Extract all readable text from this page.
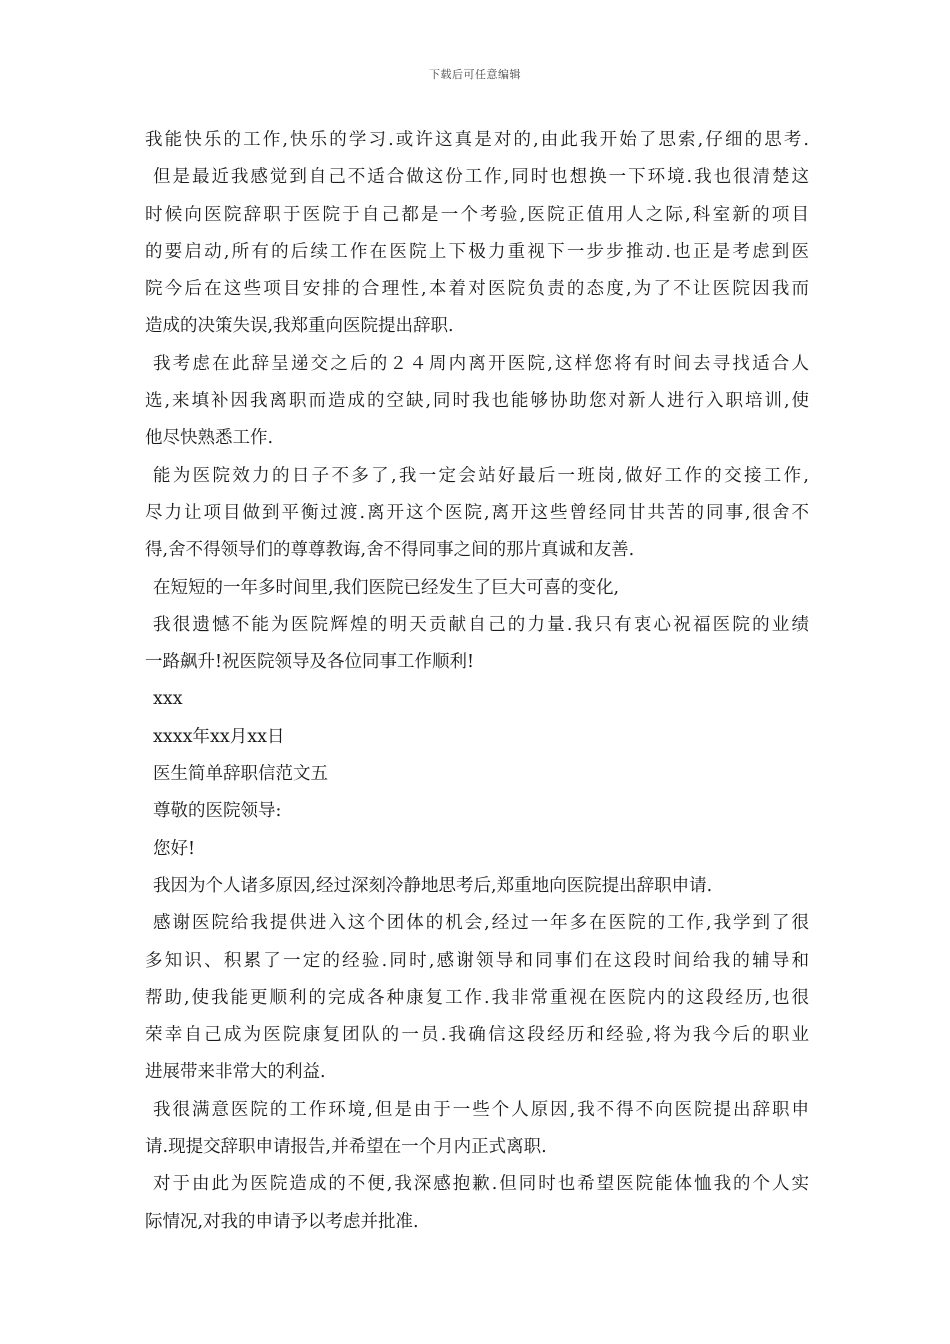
下载后可任意编辑
我能快乐的工作,快乐的学习.或许这真是对的,由此我开始了思索,仔细的思考.
但是最近我感觉到自己不适合做这份工作,同时也想换一下环境.我也很清楚这
时候向医院辞职于医院于自己都是一个考验,医院正值用人之际,科室新的项目
的要启动,所有的后续工作在医院上下极力重视下一步步推动.也正是考虑到医
院今后在这些项目安排的合理性,本着对医院负责的态度,为了不让医院因我而
造成的决策失误,我郑重向医院提出辞职.
我考虑在此辞呈递交之后的２４周内离开医院,这样您将有时间去寻找适合人
选,来填补因我离职而造成的空缺,同时我也能够协助您对新人进行入职培训,使
他尽快熟悉工作.
能为医院效力的日子不多了,我一定会站好最后一班岗,做好工作的交接工作,
尽力让项目做到平衡过渡.离开这个医院,离开这些曾经同甘共苦的同事,很舍不
得,舍不得领导们的尊尊教诲,舍不得同事之间的那片真诚和友善.
在短短的一年多时间里,我们医院已经发生了巨大可喜的变化,
我很遗憾不能为医院辉煌的明天贡献自己的力量.我只有衷心祝福医院的业绩
一路飙升!祝医院领导及各位同事工作顺利!
xxx
xxxx年xx月xx日
医生简单辞职信范文五
尊敬的医院领导:
您好!
我因为个人诸多原因,经过深刻冷静地思考后,郑重地向医院提出辞职申请.
感谢医院给我提供进入这个团体的机会,经过一年多在医院的工作,我学到了很
多知识、积累了一定的经验.同时,感谢领导和同事们在这段时间给我的辅导和
帮助,使我能更顺利的完成各种康复工作.我非常重视在医院内的这段经历,也很
荣幸自己成为医院康复团队的一员.我确信这段经历和经验,将为我今后的职业
进展带来非常大的利益.
我很满意医院的工作环境,但是由于一些个人原因,我不得不向医院提出辞职申
请.现提交辞职申请报告,并希望在一个月内正式离职.
对于由此为医院造成的不便,我深感抱歉.但同时也希望医院能体恤我的个人实
际情况,对我的申请予以考虑并批准.
